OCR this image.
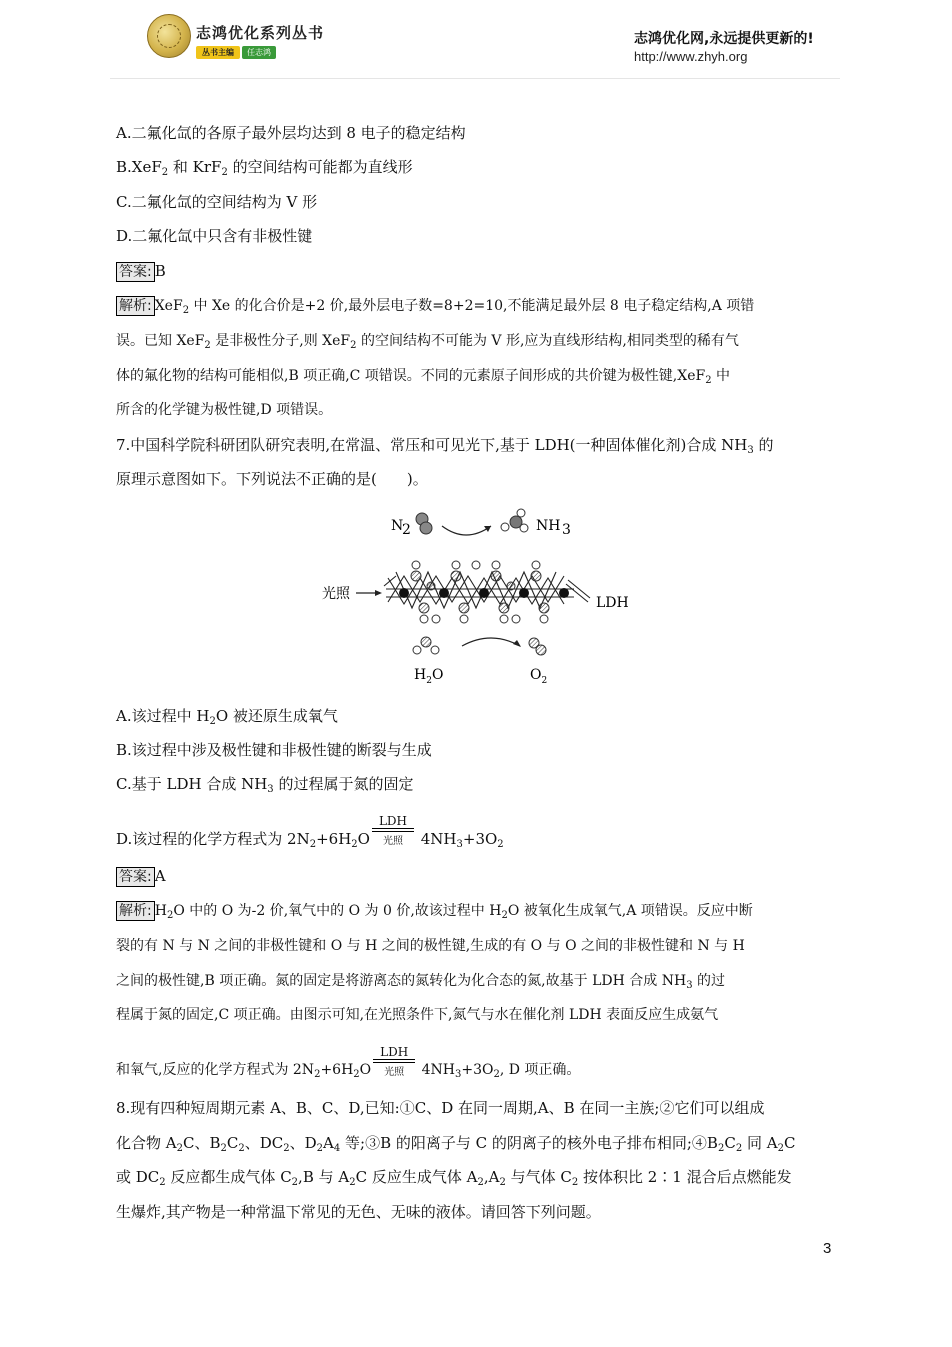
志鸿优化系列丛书
丛书主编 任志鸿
志鸿优化网,永远提供更新的!
http://www.zhyh.org
A.二氟化氙的各原子最外层均达到 8 电子的稳定结构
B.XeF$_2$ 和 KrF$_2$ 的空间结构可能都为直线形
C.二氟化氙的空间结构为 V 形
D.二氟化氙中只含有非极性键
答案: B
解析: XeF$_2$ 中 Xe 的化合价是+2 价,最外层电子数=8+2=10,不能满足最外层 8 电子稳定结构,A 项错
误。已知 XeF$_2$ 是非极性分子,则 XeF$_2$ 的空间结构不可能为 V 形,应为直线形结构,相同类型的稀有气
体的氟化物的结构可能相似,B 项正确,C 项错误。不同的元素原子间形成的共价键为极性键,XeF$_2$ 中
所含的化学键为极性键,D 项错误。
7.中国科学院科研团队研究表明,在常温、常压和可见光下,基于 LDH(一种固体催化剂)合成 $NH_3$ 的
原理示意图如下。下列说法不正确的是(　　)。
N
2	NH 3
光照
LDH
$H_2O$	$O_2$
A.该过程中 $H_2O$ 被还原生成氧气
B.该过程中涉及极性键和非极性键的断裂与生成
C.基于 LDH 合成 $NH_3$ 的过程属于氮的固定
D.该过程的化学方程式为 $2N_2+6H_2O$
LDH
光照 $4NH_3+3O_2$
答案: A
解析: $H_2O$ 中的 O 为-2 价,氧气中的 O 为 0 价,故该过程中 $H_2O$ 被氧化生成氧气,A 项错误。反应中断
裂的有 N 与 N 之间的非极性键和 O 与 H 之间的极性键,生成的有 O 与 O 之间的非极性键和 N 与 H
之间的极性键,B 项正确。氮的固定是将游离态的氮转化为化合态的氮,故基于 LDH 合成 $NH_3$ 的过
程属于氮的固定,C 项正确。由图示可知,在光照条件下,氮气与水在催化剂 LDH 表面反应生成氨气
和氧气,反应的化学方程式为 $2N_2+6H_2O$
LDH
光照 $4NH_3+3O_2$, D 项正确。
8.现有四种短周期元素 A、B、C、D,已知:①C、D 在同一周期,A、B 在同一主族;②它们可以组成
化合物 $A_2C$、$B_2C_2$、$DC_2$、$D_2A_4$ 等;③B 的阳离子与 C 的阴离子的核外电子排布相同$;④B_2C_2$ 同 $A_2C$
或 $DC_2$ 反应都生成气体 $C_2,B$ 与 $A_2C$ 反应生成气体 $A_2,A_2$ 与气体 $C_2$ 按体积比 2∶1 混合后点燃能发
生爆炸,其产物是一种常温下常见的无色、无味的液体。请回答下列问题。
3
